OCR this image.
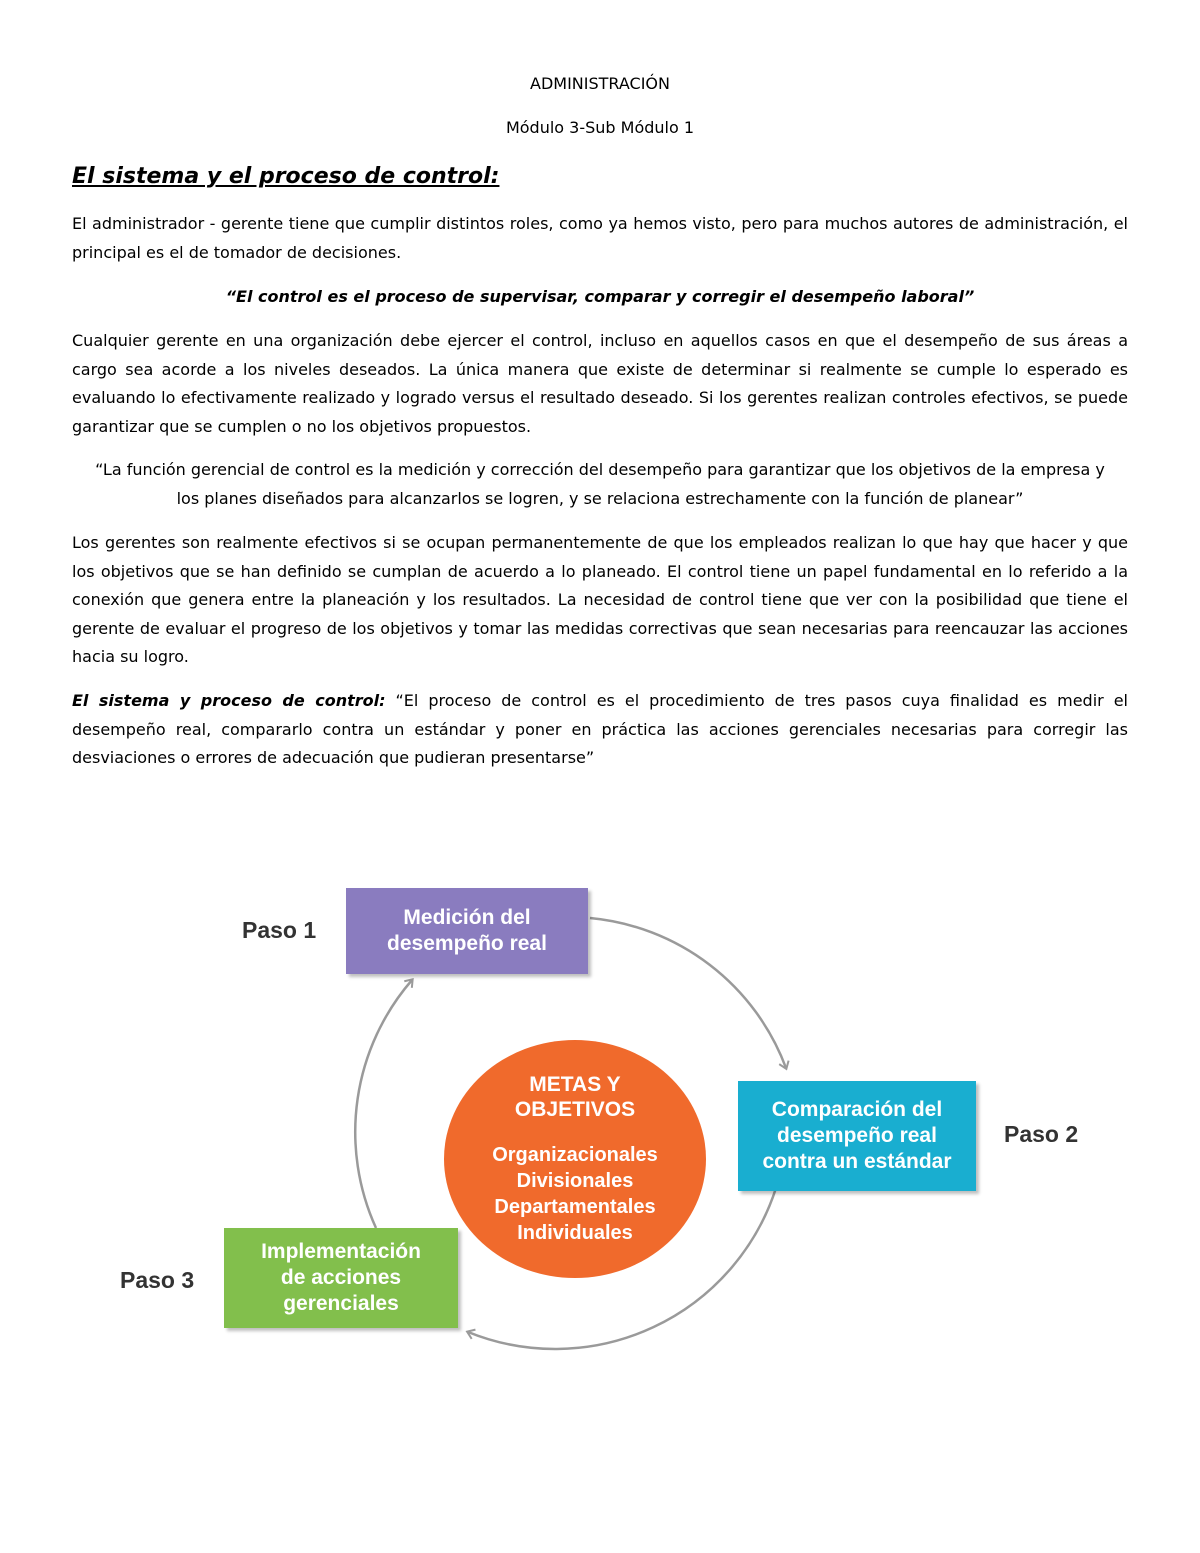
ADMINISTRACIÓN
Módulo 3-Sub Módulo 1
El sistema y el proceso de control:
El administrador - gerente tiene que cumplir distintos roles, como ya hemos visto, pero para muchos autores de administración, el principal es el de tomador de decisiones.
“El control es el proceso de supervisar, comparar y corregir el desempeño laboral”
Cualquier gerente en una organización debe ejercer el control, incluso en aquellos casos en que el desempeño de sus áreas a cargo sea acorde a los niveles deseados. La única manera que existe de determinar si realmente se cumple lo esperado es evaluando lo efectivamente realizado y logrado versus el resultado deseado. Si los gerentes realizan controles efectivos, se puede garantizar que se cumplen o no los objetivos propuestos.
“La función gerencial de control es la medición y corrección del desempeño para garantizar que los objetivos de la empresa y los planes diseñados para alcanzarlos se logren, y se relaciona estrechamente con la función de planear”
Los gerentes son realmente efectivos si se ocupan permanentemente de que los empleados realizan lo que hay que hacer y que los objetivos que se han definido se cumplan de acuerdo a lo planeado. El control tiene un papel fundamental en lo referido a la conexión que genera entre la planeación y los resultados. La necesidad de control tiene que ver con la posibilidad que tiene el gerente de evaluar el progreso de los objetivos y tomar las medidas correctivas que sean necesarias para reencauzar las acciones hacia su logro.
El sistema y proceso de control: “El proceso de control es el procedimiento de tres pasos cuya finalidad es medir el desempeño real, compararlo contra un estándar y poner en práctica las acciones gerenciales necesarias para corregir las desviaciones o errores de adecuación que pudieran presentarse”
Paso 1	Medición del
desempeño real
Comparación del
desempeño real
contra un estándar
Paso 2
Paso 3
Implementación
de acciones
gerenciales
METAS Y
OBJETIVOS
Organizacionales
Divisionales
Departamentales
Individuales
